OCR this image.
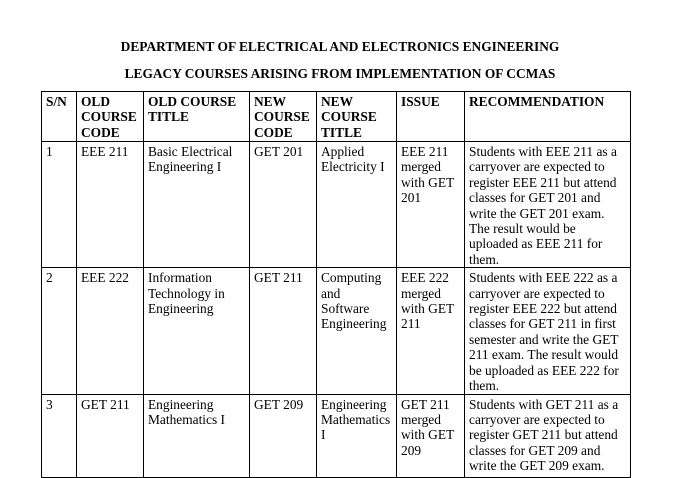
DEPARTMENT OF ELECTRICAL AND ELECTRONICS ENGINEERING
LEGACY COURSES ARISING FROM IMPLEMENTATION OF CCMAS
S/N	OLD COURSE CODE	OLD COURSE TITLE	NEW COURSE CODE	NEW COURSE TITLE	ISSUE	RECOMMENDATION
1	EEE 211	Basic Electrical Engineering I	GET 201	Applied Electricity I	EEE 211 merged with GET 201	Students with EEE 211 as a carryover are expected to register EEE 211 but attend classes for GET 201 and write the GET 201 exam. The result would be uploaded as EEE 211 for them.
2	EEE 222	Information Technology in Engineering	GET 211	Computing and Software Engineering	EEE 222 merged with GET 211	Students with EEE 222 as a carryover are expected to register EEE 222 but attend classes for GET 211 in first semester and write the GET 211 exam. The result would be uploaded as EEE 222 for them.
3	GET 211	Engineering Mathematics I	GET 209	Engineering Mathematics I	GET 211 merged with GET 209	Students with GET 211 as a carryover are expected to register GET 211 but attend classes for GET 209 and write the GET 209 exam.
